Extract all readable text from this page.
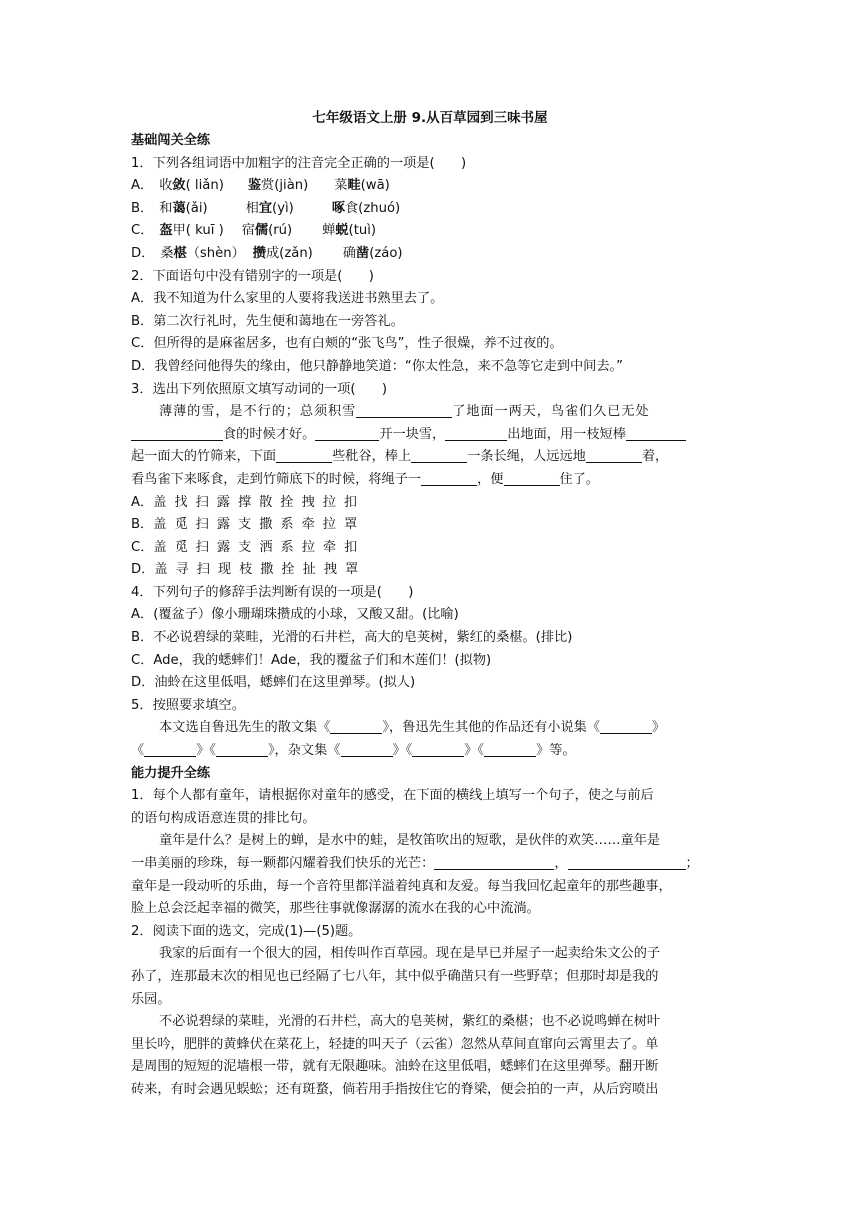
七年级语文上册 9.从百草园到三味书屋
基础闯关全练
1．下列各组词语中加粗字的注音完全正确的一项是(　　)
A． 收敛( liǎn) 鉴赏(jiàn) 菜畦(wā)
B． 和蔼(ǎi)	相宜(yì)	啄食(zhuó)
C． 盔甲( kuī ) 宿儒(rú) 蝉蜕(tuì)
D． 桑椹（shèn） 攒成(zǎn) 确凿(záo)
2．下面语句中没有错别字的一项是(　　)
A．我不知道为什么家里的人要将我送进书熟里去了。
B．第二次行礼时，先生便和蔼地在一旁答礼。
C．但所得的是麻雀居多，也有白颊的“张飞鸟”，性子很燥，养不过夜的。
D．我曾经问他得失的缘由，他只静静地笑道：“你太性急，来不急等它走到中间去。”
3．选出下列依照原文填写动词的一项(　　)
薄薄的雪，是不行的；总须积雪	了地面一两天，鸟雀们久已无处
食的时候才好。	开一块雪，	出地面，用一枝短棒
起一面大的竹筛来，下面	些秕谷，棒上	一条长绳，人远远地	着，
看鸟雀下来啄食，走到竹筛底下的时候，将绳子一	，便	住了。
A．盖 找 扫 露 撑 散 拴 拽 拉 扣
B．盖 觅 扫 露 支 撒 系 牵 拉 罩
C．盖 觅 扫 露 支 洒 系 拉 牵 扣
D．盖 寻 扫 现 枝 撒 拴 扯 拽 罩
4．下列句子的修辞手法判断有误的一项是(　　)
A．(覆盆子）像小珊瑚珠攒成的小球，又酸又甜。(比喻)
B．不必说碧绿的菜畦，光滑的石井栏，高大的皂荚树，紫红的桑椹。(排比)
C．Ade，我的蟋蟀们！Ade，我的覆盆子们和木莲们！(拟物)
D．油蛉在这里低唱，蟋蟀们在这里弹琴。(拟人)
5．按照要求填空。
本文选自鲁迅先生的散文集《	》，鲁迅先生其他的作品还有小说集《	》
《	》《	》，杂文集《	》《	》《	》等。
能力提升全练
1．每个人都有童年，请根据你对童年的感受，在下面的横线上填写一个句子，使之与前后
的语句构成语意连贯的排比句。
童年是什么？是树上的蝉，是水中的蛙，是牧笛吹出的短歌，是伙伴的欢笑……童年是
一串美丽的珍珠，每一颗都闪耀着我们快乐的光芒：	，	；
童年是一段动听的乐曲，每一个音符里都洋溢着纯真和友爱。每当我回忆起童年的那些趣事，
脸上总会泛起幸福的微笑，那些往事就像潺潺的流水在我的心中流淌。
2．阅读下面的选文，完成(1)—(5)题。
我家的后面有一个很大的园，相传叫作百草园。现在是早已并屋子一起卖给朱文公的子
孙了，连那最末次的相见也已经隔了七八年，其中似乎确凿只有一些野草；但那时却是我的
乐园。
不必说碧绿的菜畦，光滑的石井栏，高大的皂荚树，紫红的桑椹；也不必说鸣蝉在树叶
里长吟，肥胖的黄蜂伏在菜花上，轻捷的叫天子（云雀）忽然从草间直窜向云霄里去了。单
是周围的短短的泥墙根一带，就有无限趣味。油蛉在这里低唱，蟋蟀们在这里弹琴。翻开断
砖来，有时会遇见蜈蚣；还有斑蝥，倘若用手指按住它的脊梁，便会拍的一声，从后窍喷出
